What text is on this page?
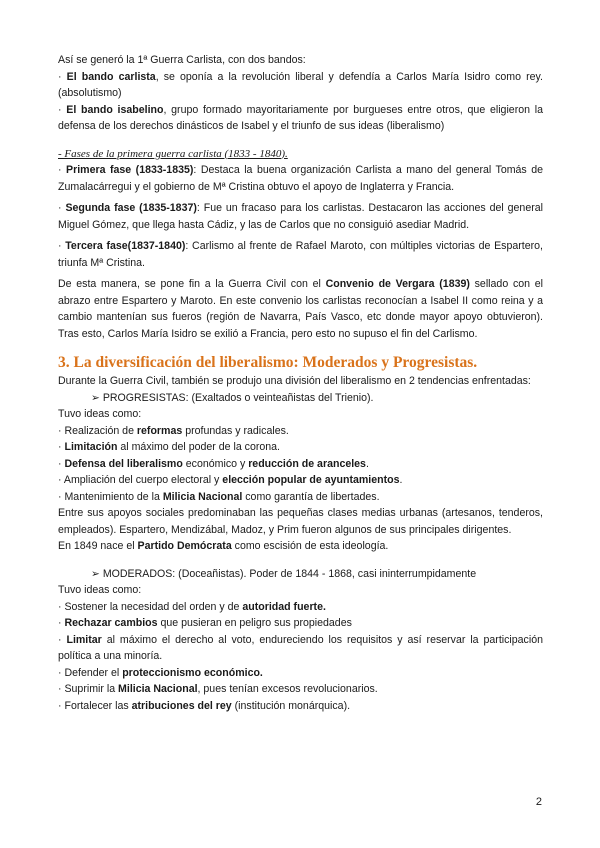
Así se generó la 1ª Guerra Carlista, con dos bandos:

· El bando carlista, se oponía a la revolución liberal y defendía a Carlos María Isidro como rey. (absolutismo)

· El bando isabelino, grupo formado mayoritariamente por burgueses entre otros, que eligieron la defensa de los derechos dinásticos de Isabel y el triunfo de sus ideas (liberalismo)

- Fases de la primera guerra carlista (1833 - 1840).

· Primera fase (1833-1835): Destaca la buena organización Carlista a mano del general Tomás de Zumalacárregui y el gobierno de Mª Cristina obtuvo el apoyo de Inglaterra y Francia.

· Segunda fase (1835-1837): Fue un fracaso para los carlistas. Destacaron las acciones del general Miguel Gómez, que llega hasta Cádiz, y las de Carlos que no consiguió asediar Madrid.

· Tercera fase(1837-1840): Carlismo al frente de Rafael Maroto, con múltiples victorias de Espartero, triunfa Mª Cristina.

De esta manera, se pone fin a la Guerra Civil con el Convenio de Vergara (1839) sellado con el abrazo entre Espartero y Maroto. En este convenio los carlistas reconocían a Isabel II como reina y a cambio mantenían sus fueros (región de Navarra, País Vasco, etc donde mayor apoyo obtuvieron). Tras esto, Carlos María Isidro se exilió a Francia, pero esto no supuso el fin del Carlismo.

3. La diversificación del liberalismo: Moderados y Progresistas.

Durante la Guerra Civil, también se produjo una división del liberalismo en 2 tendencias enfrentadas:

➢ PROGRESISTAS: (Exaltados o veinteañistas del Trienio).

Tuvo ideas como:

· Realización de reformas profundas y radicales.

· Limitación al máximo del poder de la corona.

· Defensa del liberalismo económico y reducción de aranceles.

· Ampliación del cuerpo electoral y elección popular de ayuntamientos.

· Mantenimiento de la Milicia Nacional como garantía de libertades.

Entre sus apoyos sociales predominaban las pequeñas clases medias urbanas (artesanos, tenderos, empleados). Espartero, Mendizábal, Madoz, y Prim fueron algunos de sus principales dirigentes.

En 1849 nace el Partido Demócrata como escisión de esta ideología.

➢ MODERADOS: (Doceañistas). Poder de 1844 - 1868, casi ininterrumpidamente

Tuvo ideas como:

· Sostener la necesidad del orden y de autoridad fuerte.

· Rechazar cambios que pusieran en peligro sus propiedades

· Limitar al máximo el derecho al voto, endureciendo los requisitos y así reservar la participación política a una minoría.

· Defender el proteccionismo económico.

· Suprimir la Milicia Nacional, pues tenían excesos revolucionarios.

· Fortalecer las atribuciones del rey (institución monárquica).

2
